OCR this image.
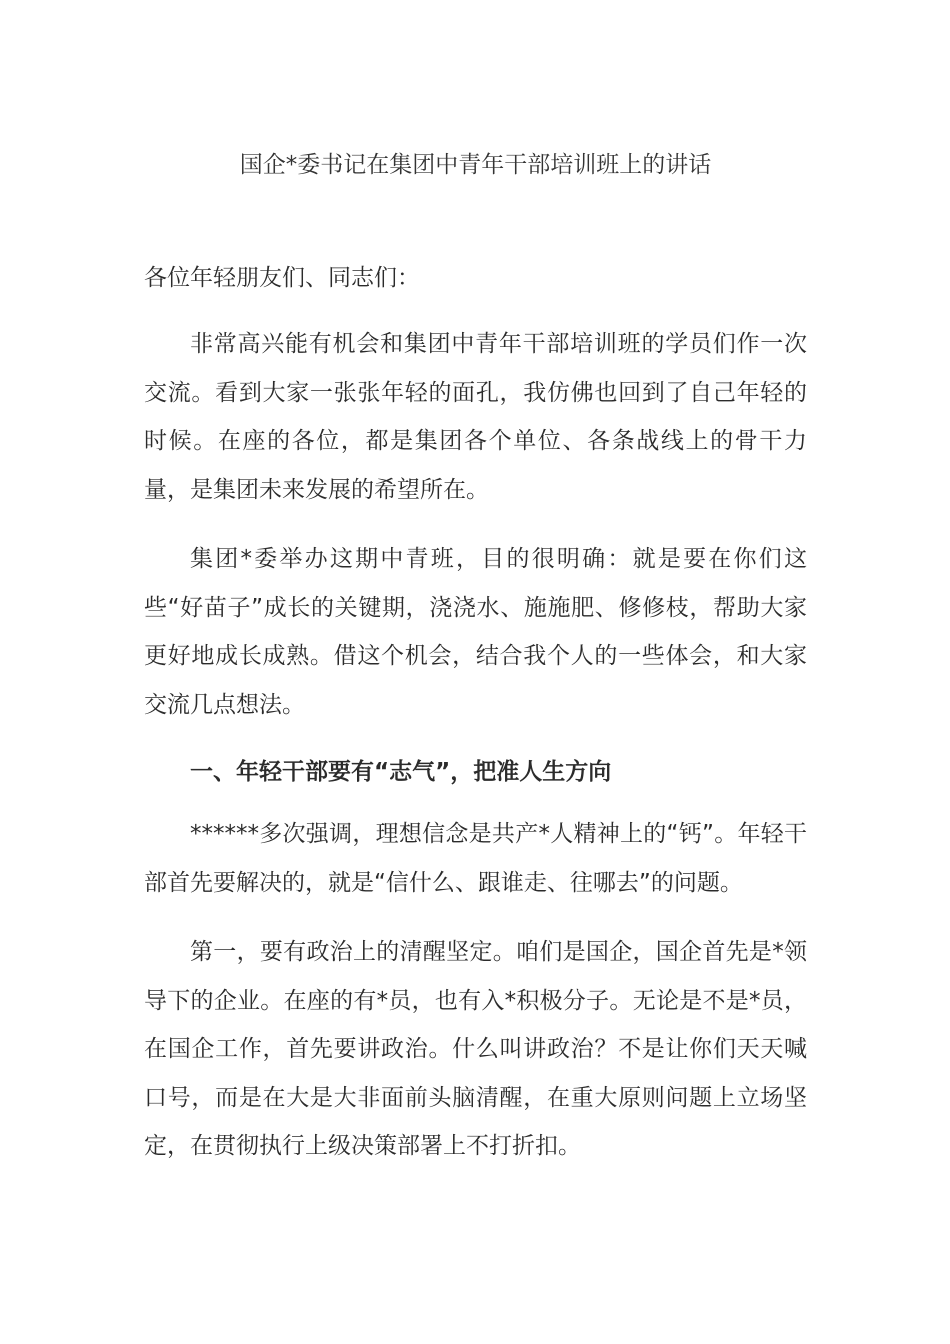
国企*委书记在集团中青年干部培训班上的讲话

各位年轻朋友们、同志们：

非常高兴能有机会和集团中青年干部培训班的学员们作一次交流。看到大家一张张年轻的面孔，我仿佛也回到了自己年轻的时候。在座的各位，都是集团各个单位、各条战线上的骨干力量，是集团未来发展的希望所在。

集团*委举办这期中青班，目的很明确：就是要在你们这些“好苗子”成长的关键期，浇浇水、施施肥、修修枝，帮助大家更好地成长成熟。借这个机会，结合我个人的一些体会，和大家交流几点想法。

一、年轻干部要有“志气”，把准人生方向

******多次强调，理想信念是共产*人精神上的“钙”。年轻干部首先要解决的，就是“信什么、跟谁走、往哪去”的问题。

第一，要有政治上的清醒坚定。咱们是国企，国企首先是*领导下的企业。在座的有*员，也有入*积极分子。无论是不是*员，在国企工作，首先要讲政治。什么叫讲政治？不是让你们天天喊口号，而是在大是大非面前头脑清醒，在重大原则问题上立场坚定，在贯彻执行上级决策部署上不打折扣。
